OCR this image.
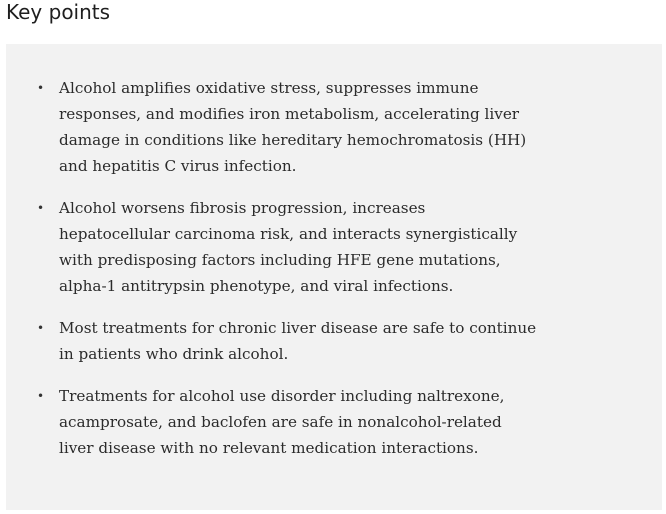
Key points
• Alcohol amplifies oxidative stress, suppresses immune responses, and modifies iron metabolism, accelerating liver damage in conditions like hereditary hemochromatosis (HH) and hepatitis C virus infection.
• Alcohol worsens fibrosis progression, increases hepatocellular carcinoma risk, and interacts synergistically with predisposing factors including HFE gene mutations, alpha-1 antitrypsin phenotype, and viral infections.
• Most treatments for chronic liver disease are safe to continue in patients who drink alcohol.
• Treatments for alcohol use disorder including naltrexone, acamprosate, and baclofen are safe in nonalcohol-related liver disease with no relevant medication interactions.
